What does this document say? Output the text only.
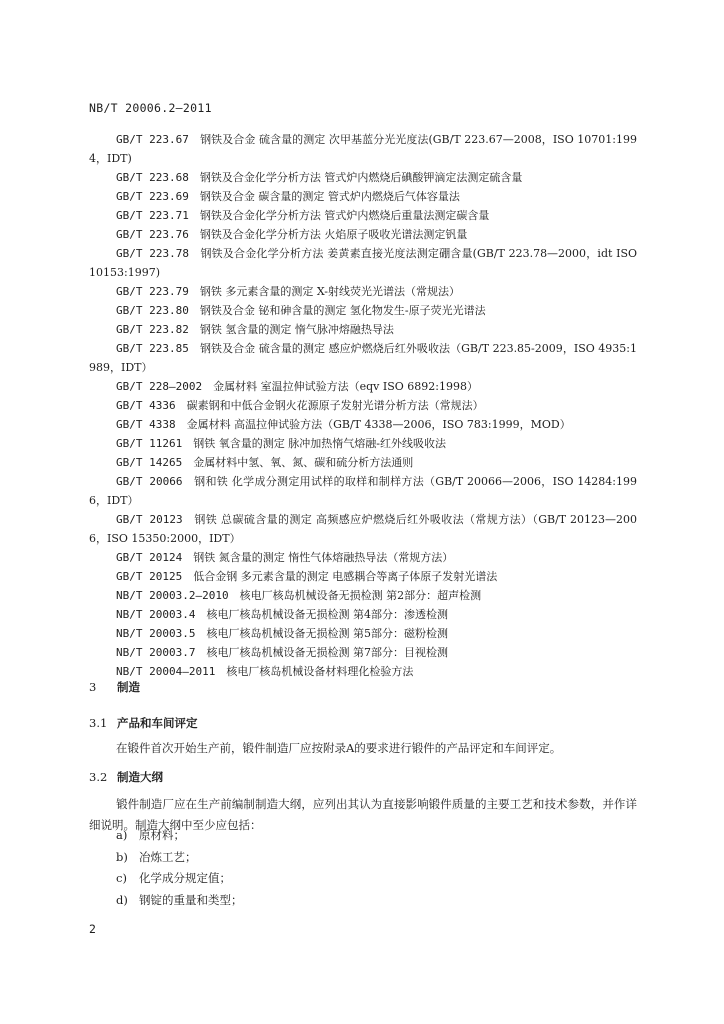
NB/T 20006.2—2011

GB/T 223.67　 钢铁及合金 硫含量的测定 次甲基蓝分光光度法(GB/T 223.67—2008，ISO 10701:1994，IDT)

GB/T 223.68　 钢铁及合金化学分析方法 管式炉内燃烧后碘酸钾滴定法测定硫含量

GB/T 223.69　 钢铁及合金 碳含量的测定 管式炉内燃烧后气体容量法

GB/T 223.71　 钢铁及合金化学分析方法 管式炉内燃烧后重量法测定碳含量

GB/T 223.76　 钢铁及合金化学分析方法 火焰原子吸收光谱法测定钒量

GB/T 223.78　 钢铁及合金化学分析方法 姜黄素直接光度法测定硼含量(GB/T 223.78—2000，idt ISO 10153:1997)

GB/T 223.79　 钢铁 多元素含量的测定 X-射线荧光光谱法（常规法）

GB/T 223.80　 钢铁及合金 铋和砷含量的测定 氢化物发生-原子荧光光谱法

GB/T 223.82　 钢铁 氢含量的测定 惰气脉冲熔融热导法

GB/T 223.85　 钢铁及合金 硫含量的测定 感应炉燃烧后红外吸收法（GB/T 223.85-2009，ISO 4935:1989，IDT）

GB/T 228—2002　 金属材料 室温拉伸试验方法（eqv ISO 6892:1998）

GB/T 4336　 碳素钢和中低合金钢火花源原子发射光谱分析方法（常规法）

GB/T 4338　 金属材料 高温拉伸试验方法（GB/T 4338—2006，ISO 783:1999，MOD）

GB/T 11261　 钢铁 氧含量的测定 脉冲加热惰气熔融-红外线吸收法

GB/T 14265　 金属材料中氢、氧、氮、碳和硫分析方法通则

GB/T 20066　 钢和铁 化学成分测定用试样的取样和制样方法（GB/T 20066—2006，ISO 14284:1996，IDT）

GB/T 20123　 钢铁 总碳硫含量的测定 高频感应炉燃烧后红外吸收法（常规方法）（GB/T 20123—2006，ISO 15350:2000，IDT）

GB/T 20124　 钢铁 氮含量的测定 惰性气体熔融热导法（常规方法）

GB/T 20125　 低合金钢 多元素含量的测定 电感耦合等离子体原子发射光谱法

NB/T 20003.2—2010　 核电厂核岛机械设备无损检测 第2部分：超声检测

NB/T 20003.4　 核电厂核岛机械设备无损检测 第4部分：渗透检测

NB/T 20003.5　 核电厂核岛机械设备无损检测 第5部分：磁粉检测

NB/T 20003.7　 核电厂核岛机械设备无损检测 第7部分：目视检测

NB/T 20004—2011　 核电厂核岛机械设备材料理化检验方法

3 制造
3.1 产品和车间评定
在锻件首次开始生产前，锻件制造厂应按附录A的要求进行锻件的产品评定和车间评定。
3.2 制造大纲
锻件制造厂应在生产前编制制造大纲，应列出其认为直接影响锻件质量的主要工艺和技术参数，并作详细说明。制造大纲中至少应包括：
a) 原材料；
b) 冶炼工艺；
c) 化学成分规定值；
d) 钢锭的重量和类型；
2
